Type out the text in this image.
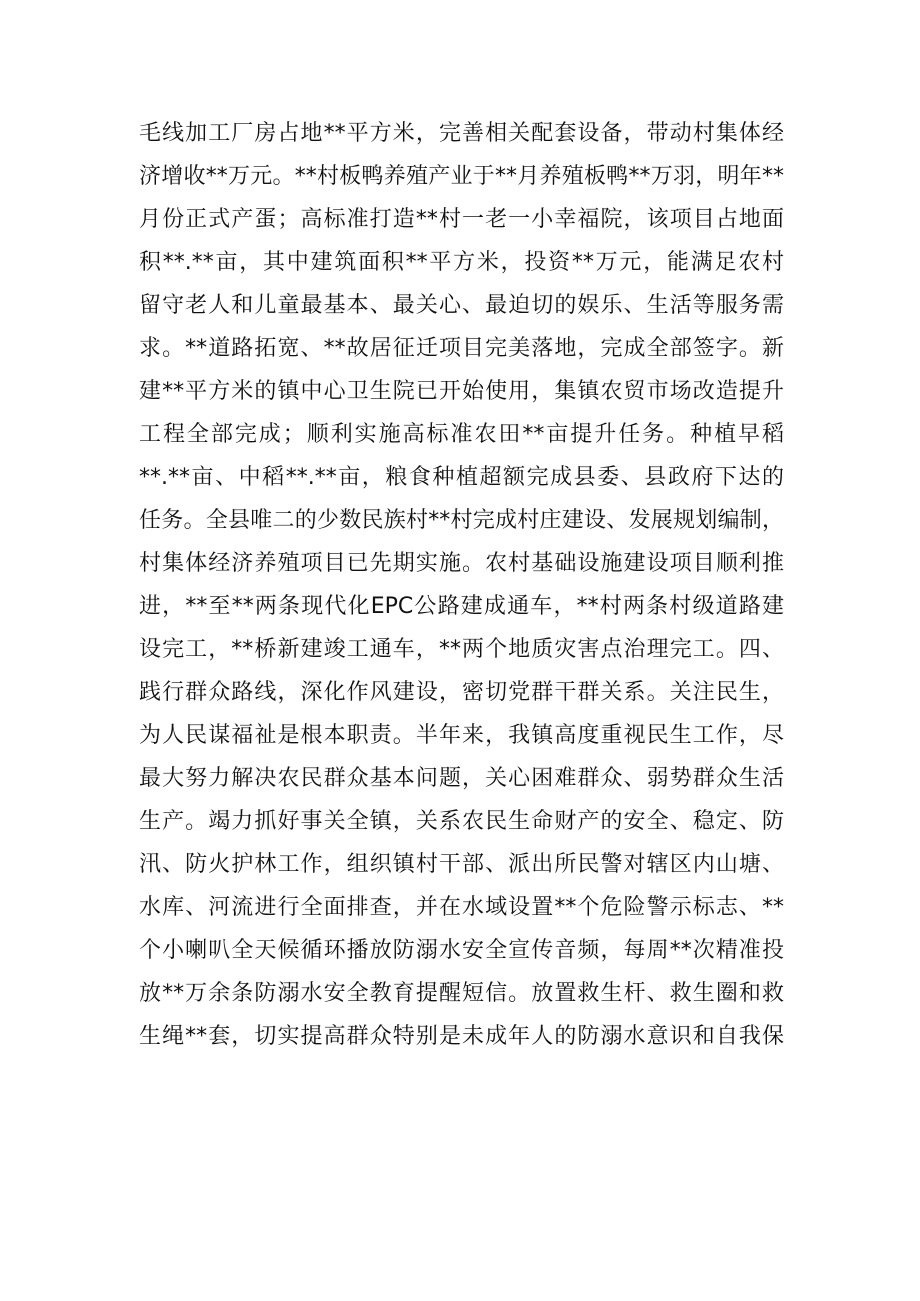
毛线加工厂房占地**平方米，完善相关配套设备，带动村集体经
济增收**万元。**村板鸭养殖产业于**月养殖板鸭**万羽，明年**
月份正式产蛋；高标准打造**村一老一小幸福院，该项目占地面
积**.**亩，其中建筑面积**平方米，投资**万元，能满足农村
留守老人和儿童最基本、最关心、最迫切的娱乐、生活等服务需
求。**道路拓宽、**故居征迁项目完美落地，完成全部签字。新
建**平方米的镇中心卫生院已开始使用，集镇农贸市场改造提升
工程全部完成；顺利实施高标准农田**亩提升任务。种植早稻
**.**亩、中稻**.**亩，粮食种植超额完成县委、县政府下达的
任务。全县唯二的少数民族村**村完成村庄建设、发展规划编制，
村集体经济养殖项目已先期实施。农村基础设施建设项目顺利推
进，**至**两条现代化EPC公路建成通车，**村两条村级道路建
设完工，**桥新建竣工通车，**两个地质灾害点治理完工。四、
践行群众路线，深化作风建设，密切党群干群关系。关注民生，
为人民谋福祉是根本职责。半年来，我镇高度重视民生工作，尽
最大努力解决农民群众基本问题，关心困难群众、弱势群众生活
生产。竭力抓好事关全镇，关系农民生命财产的安全、稳定、防
汛、防火护林工作，组织镇村干部、派出所民警对辖区内山塘、
水库、河流进行全面排查，并在水域设置**个危险警示标志、**
个小喇叭全天候循环播放防溺水安全宣传音频，每周**次精准投
放**万余条防溺水安全教育提醒短信。放置救生杆、救生圈和救
生绳**套，切实提高群众特别是未成年人的防溺水意识和自我保
